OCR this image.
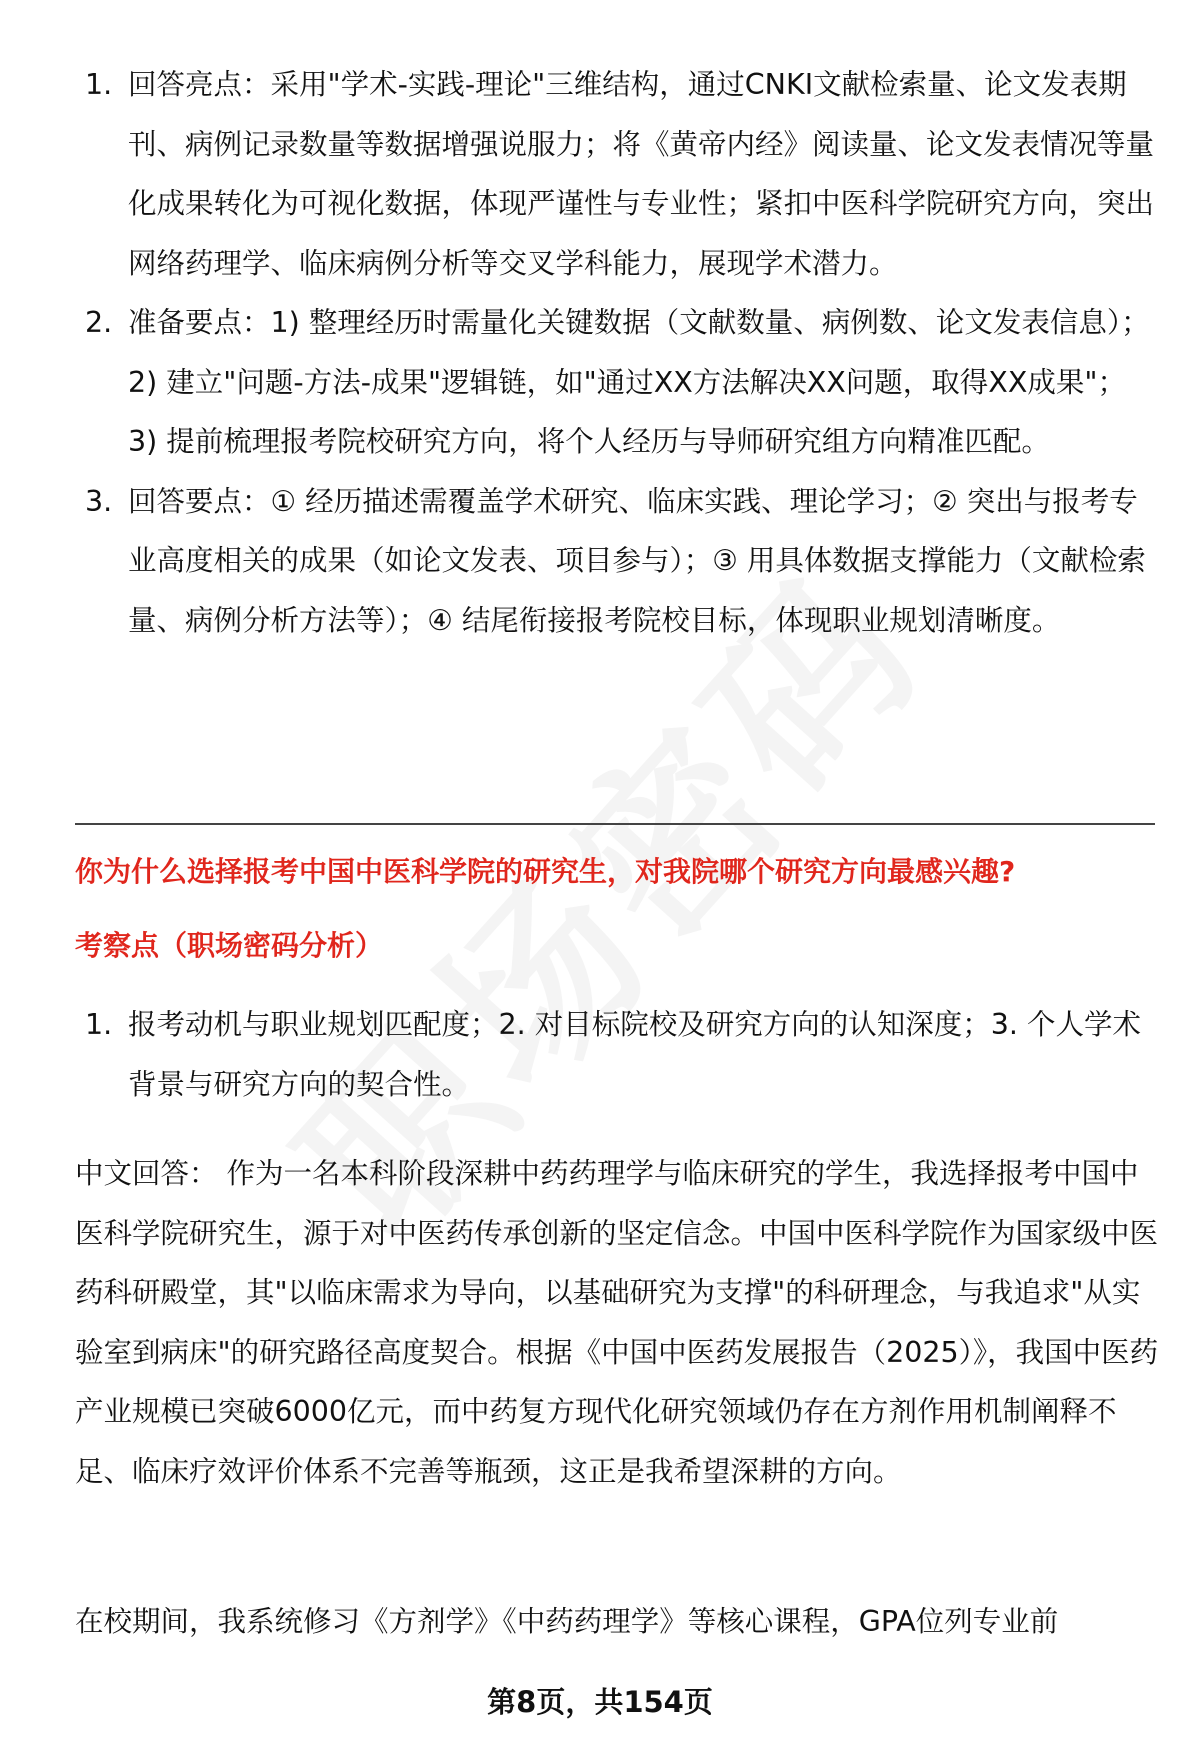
1. 回答亮点：采用"学术-实践-理论"三维结构，通过CNKI文献检索量、论文发表期刊、病例记录数量等数据增强说服力；将《黄帝内经》阅读量、论文发表情况等量化成果转化为可视化数据，体现严谨性与专业性；紧扣中医科学院研究方向，突出网络药理学、临床病例分析等交叉学科能力，展现学术潜力。
2. 准备要点：1) 整理经历时需量化关键数据（文献数量、病例数、论文发表信息）；2) 建立"问题-方法-成果"逻辑链，如"通过XX方法解决XX问题，取得XX成果"；3) 提前梳理报考院校研究方向，将个人经历与导师研究组方向精准匹配。
3. 回答要点：① 经历描述需覆盖学术研究、临床实践、理论学习；② 突出与报考专业高度相关的成果（如论文发表、项目参与）；③ 用具体数据支撑能力（文献检索量、病例分析方法等）；④ 结尾衔接报考院校目标，体现职业规划清晰度。
你为什么选择报考中国中医科学院的研究生，对我院哪个研究方向最感兴趣?
考察点（职场密码分析）
1. 报考动机与职业规划匹配度；2. 对目标院校及研究方向的认知深度；3. 个人学术背景与研究方向的契合性。
中文回答： 作为一名本科阶段深耕中药药理学与临床研究的学生，我选择报考中国中医科学院研究生，源于对中医药传承创新的坚定信念。中国中医科学院作为国家级中医药科研殿堂，其"以临床需求为导向，以基础研究为支撑"的科研理念，与我追求"从实验室到病床"的研究路径高度契合。根据《中国中医药发展报告（2025）》，我国中医药产业规模已突破6000亿元，而中药复方现代化研究领域仍存在方剂作用机制阐释不足、临床疗效评价体系不完善等瓶颈，这正是我希望深耕的方向。
在校期间，我系统修习《方剂学》《中药药理学》等核心课程，GPA位列专业前
第8页，共154页
